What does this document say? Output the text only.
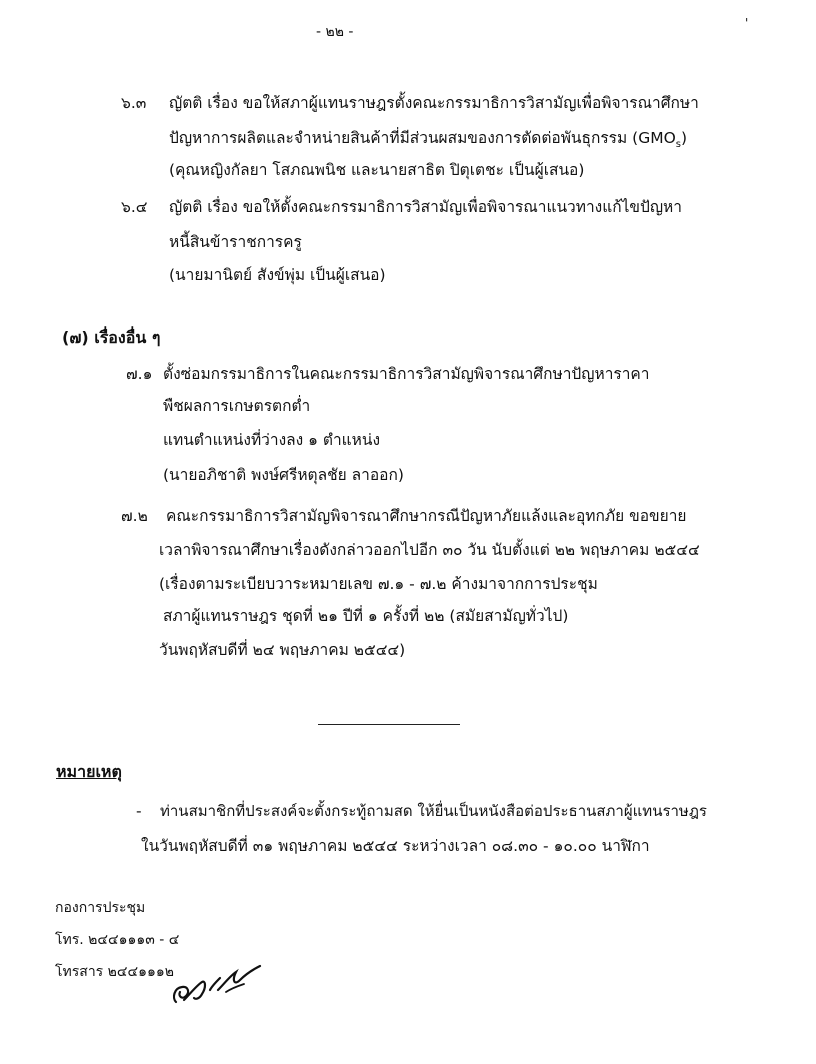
- ๒๒ -
'
๖.๓ ญัตติ เรื่อง ขอให้สภาผู้แทนราษฎรตั้งคณะกรรมาธิการวิสามัญเพื่อพิจารณาศึกษา
ปัญหาการผลิตและจำหน่ายสินค้าที่มีส่วนผสมของการตัดต่อพันธุกรรม $(GMO_s)$
(คุณหญิงกัลยา โสภณพนิช และนายสาธิต ปิตุเตชะ เป็นผู้เสนอ)
๖.๔ ญัตติ เรื่อง ขอให้ตั้งคณะกรรมาธิการวิสามัญเพื่อพิจารณาแนวทางแก้ไขปัญหา
หนี้สินข้าราชการครู
(นายมานิตย์ สังข์พุ่ม เป็นผู้เสนอ)
(๗) เรื่องอื่น ๆ
๗.๑ ตั้งซ่อมกรรมาธิการในคณะกรรมาธิการวิสามัญพิจารณาศึกษาปัญหาราคา
พืชผลการเกษตรตกต่ำ
แทนตำแหน่งที่ว่างลง ๑ ตำแหน่ง
(นายอภิชาติ พงษ์ศรีหตุลชัย ลาออก)
๗.๒ คณะกรรมาธิการวิสามัญพิจารณาศึกษากรณีปัญหาภัยแล้งและอุทกภัย ขอขยาย
เวลาพิจารณาศึกษาเรื่องดังกล่าวออกไปอีก ๓๐ วัน นับตั้งแต่ ๒๒ พฤษภาคม ๒๕๔๔
(เรื่องตามระเบียบวาระหมายเลข ๗.๑ - ๗.๒ ค้างมาจากการประชุม
สภาผู้แทนราษฎร ชุดที่ ๒๑ ปีที่ ๑ ครั้งที่ ๒๒ (สมัยสามัญทั่วไป)
วันพฤหัสบดีที่ ๒๔ พฤษภาคม ๒๕๔๔)
หมายเหตุ
- ท่านสมาชิกที่ประสงค์จะตั้งกระทู้ถามสด ให้ยื่นเป็นหนังสือต่อประธานสภาผู้แทนราษฎร
ในวันพฤหัสบดีที่ ๓๑ พฤษภาคม ๒๕๔๔ ระหว่างเวลา ๐๘.๓๐ - ๑๐.๐๐ นาฬิกา
กองการประชุม
โทร. ๒๔๔๑๑๑๓ - ๔
โทรสาร ๒๔๔๑๑๑๒
